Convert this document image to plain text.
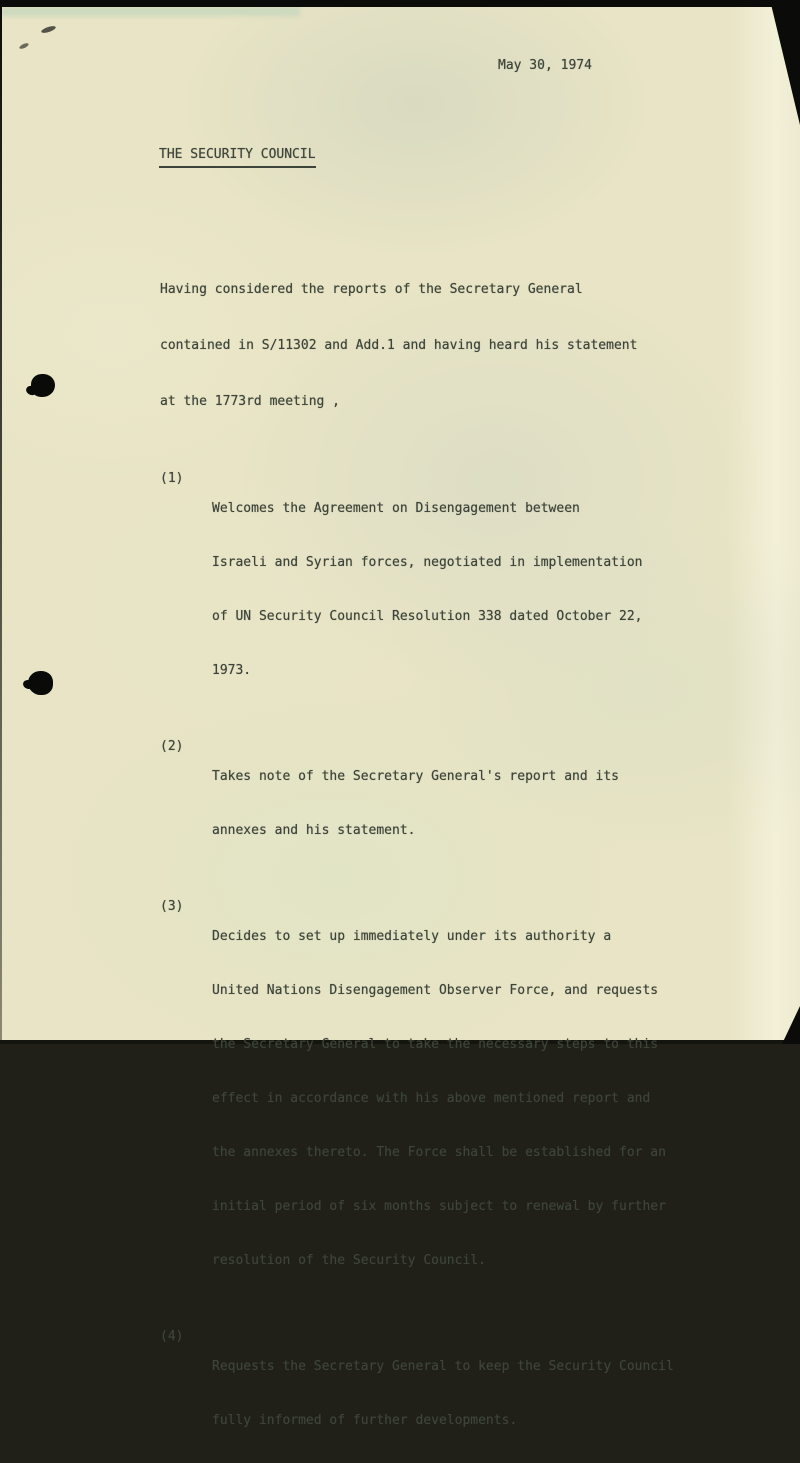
May 30, 1974
THE SECURITY COUNCIL

Having considered the reports of the Secretary General

contained in S/11302 and Add.1 and having heard his statement

at the 1773rd meeting ,

(1)

Welcomes the Agreement on Disengagement between

Israeli and Syrian forces, negotiated in implementation

of UN Security Council Resolution 338 dated October 22,

1973.

(2)

Takes note of the Secretary General's report and its

annexes and his statement.

(3)

Decides to set up immediately under its authority a

United Nations Disengagement Observer Force, and requests

the Secretary General to take the necessary steps to this

effect in accordance with his above mentioned report and

the annexes thereto. The Force shall be established for an

initial period of six months subject to renewal by further

resolution of the Security Council.

(4)

Requests the Secretary General to keep the Security Council

fully informed of further developments.
